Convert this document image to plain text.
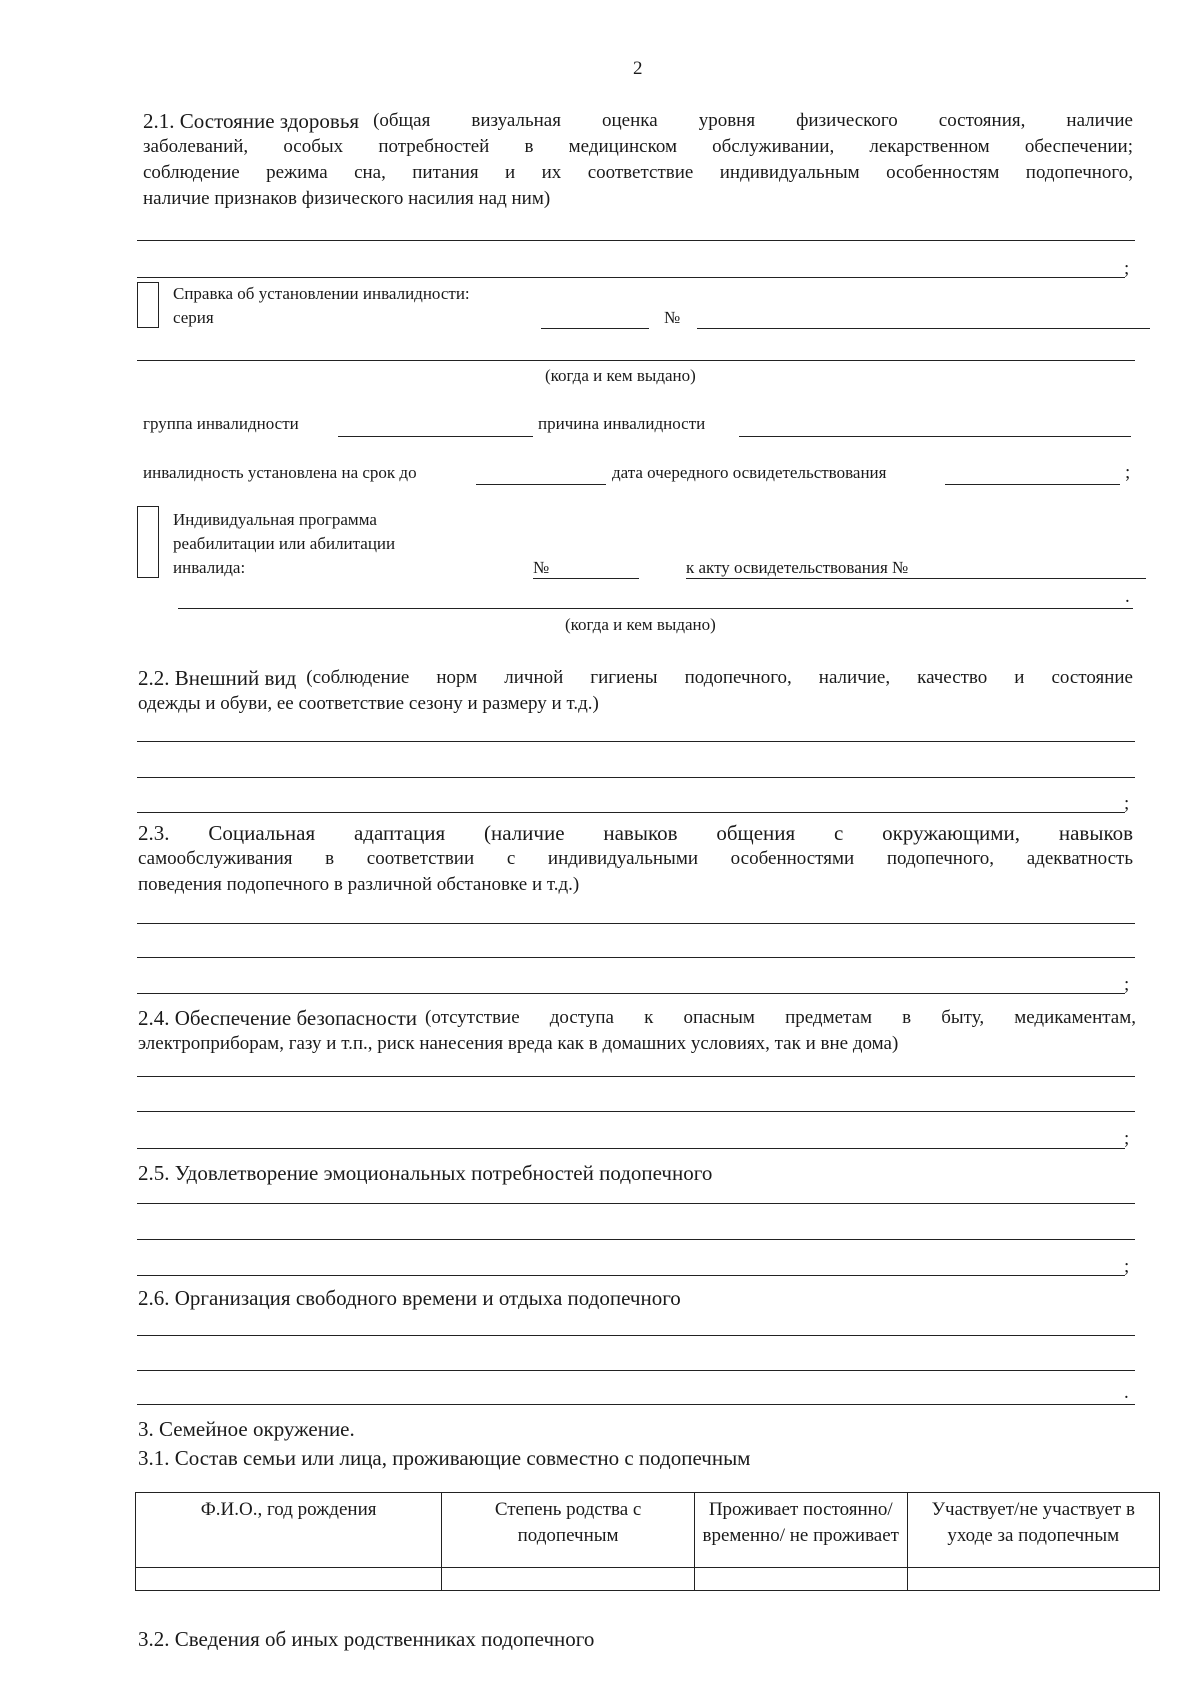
2
2.1. Состояние здоровья (общая визуальная оценка уровня физического состояния, наличие
заболеваний, особых потребностей в медицинском обслуживании, лекарственном обеспечении;
соблюдение режима сна, питания и их соответствие индивидуальным особенностям подопечного,
наличие признаков физического насилия над ним)
;
Справка об установлении инвалидности:
серия	№
(когда и кем выдано)
группа инвалидности	причина инвалидности
инвалидность установлена на срок до	дата очередного освидетельствования	;
Индивидуальная программа
реабилитации или абилитации
инвалида:	№	к акту освидетельствования №
.
(когда и кем выдано)
2.2. Внешний вид (соблюдение норм личной гигиены подопечного, наличие, качество и состояние
одежды и обуви, ее соответствие сезону и размеру и т.д.)
;
2.3. Социальная адаптация (наличие навыков общения с окружающими, навыков
самообслуживания в соответствии с индивидуальными особенностями подопечного, адекватность
поведения подопечного в различной обстановке и т.д.)
;
2.4. Обеспечение безопасности (отсутствие доступа к опасным предметам в быту, медикаментам,
электроприборам, газу и т.п., риск нанесения вреда как в домашних условиях, так и вне дома)
;
2.5. Удовлетворение эмоциональных потребностей подопечного
;
2.6. Организация свободного времени и отдыха подопечного
.
3. Семейное окружение.
3.1. Состав семьи или лица, проживающие совместно с подопечным
Ф.И.О., год рождения	Степень родства с подопечным	Проживает постоянно/временно/ не проживает	Участвует/не участвует в уходе за подопечным

3.2. Сведения об иных родственниках подопечного
